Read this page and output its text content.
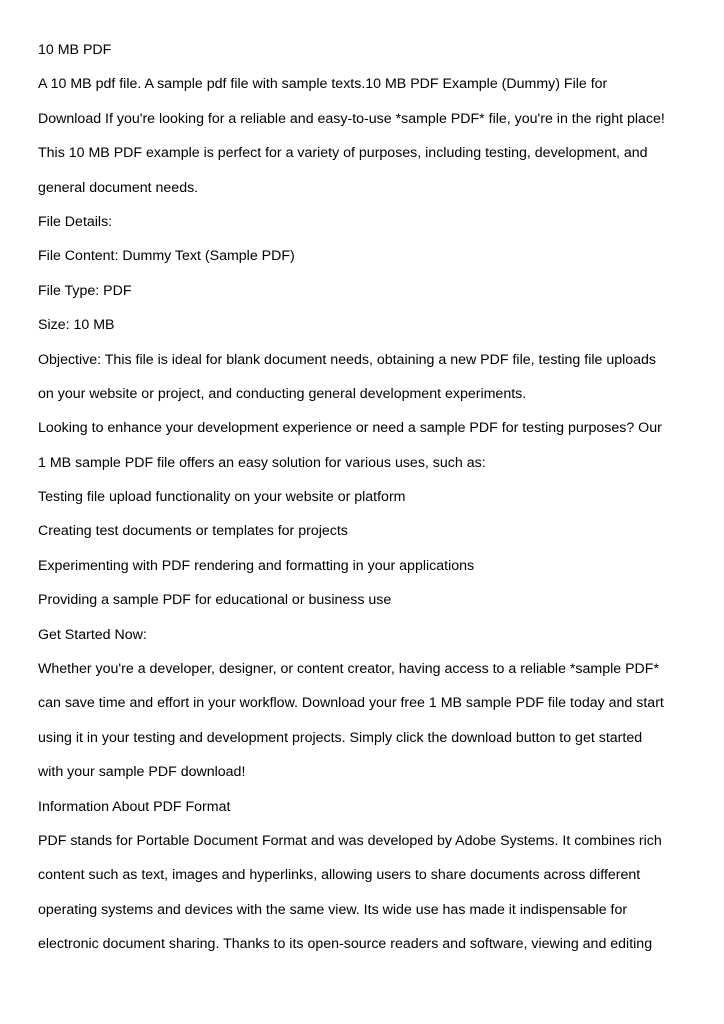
10 MB PDF
A 10 MB pdf file. A sample pdf file with sample texts.10 MB PDF Example (Dummy) File for
Download If you're looking for a reliable and easy-to-use *sample PDF* file, you're in the right place!
This 10 MB PDF example is perfect for a variety of purposes, including testing, development, and
general document needs.
File Details:
File Content: Dummy Text (Sample PDF)
File Type: PDF
Size: 10 MB
Objective: This file is ideal for blank document needs, obtaining a new PDF file, testing file uploads
on your website or project, and conducting general development experiments.
Looking to enhance your development experience or need a sample PDF for testing purposes? Our
1 MB sample PDF file offers an easy solution for various uses, such as:
Testing file upload functionality on your website or platform
Creating test documents or templates for projects
Experimenting with PDF rendering and formatting in your applications
Providing a sample PDF for educational or business use
Get Started Now:
Whether you're a developer, designer, or content creator, having access to a reliable *sample PDF*
can save time and effort in your workflow. Download your free 1 MB sample PDF file today and start
using it in your testing and development projects. Simply click the download button to get started
with your sample PDF download!
Information About PDF Format
PDF stands for Portable Document Format and was developed by Adobe Systems. It combines rich
content such as text, images and hyperlinks, allowing users to share documents across different
operating systems and devices with the same view. Its wide use has made it indispensable for
electronic document sharing. Thanks to its open-source readers and software, viewing and editing
